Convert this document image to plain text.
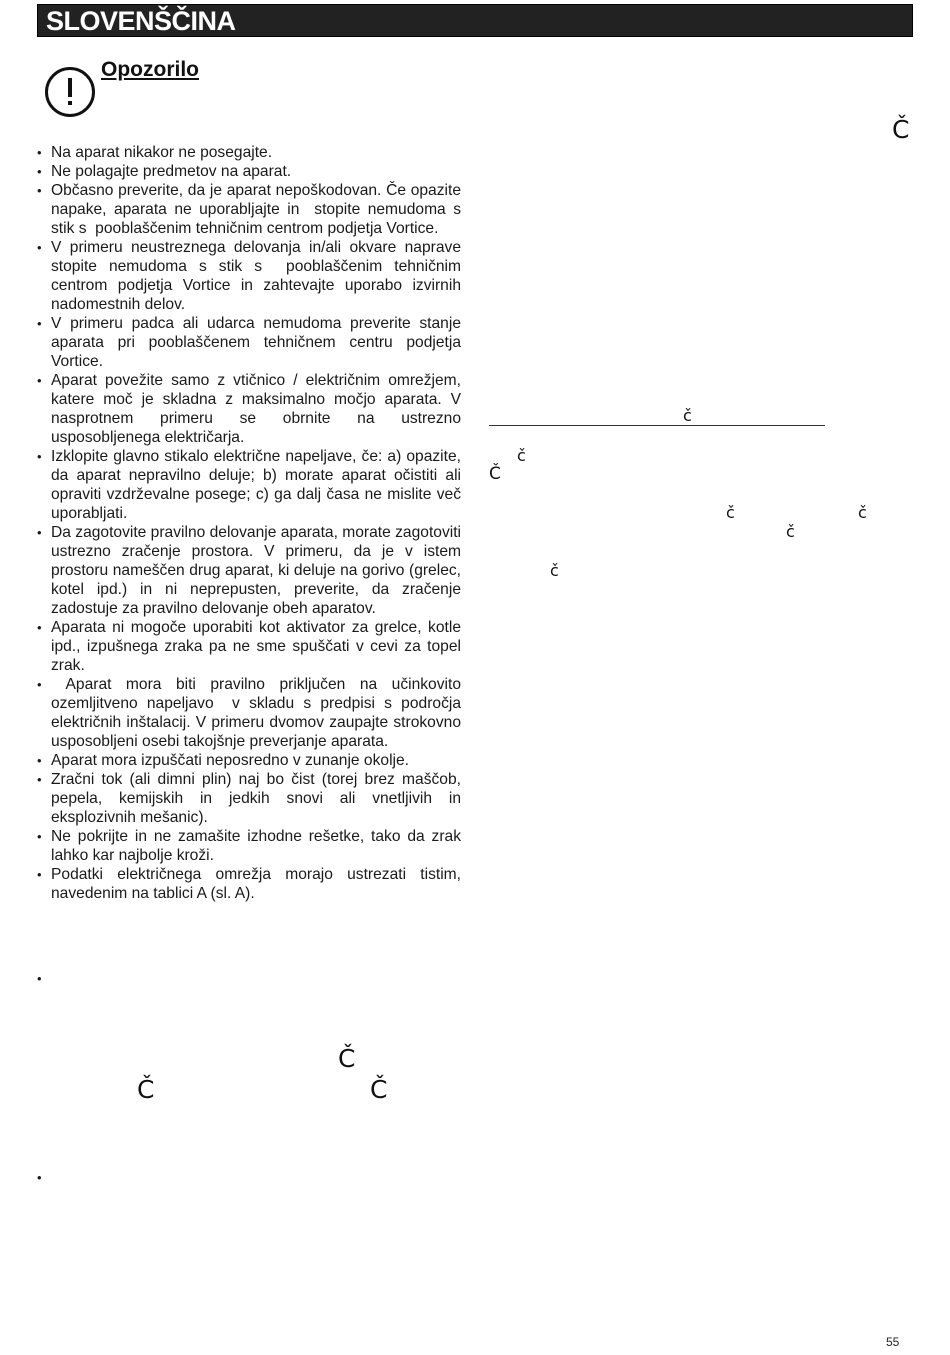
SLOVENŠČINA
Opozorilo
• Na aparat nikakor ne posegajte.
• Ne polagajte predmetov na aparat.
• Občasno preverite, da je aparat nepoškodovan. Če opazite napake, aparata ne uporabljajte in  stopite nemudoma s stik s  pooblaščenim tehničnim centrom podjetja Vortice.
• V primeru neustreznega delovanja in/ali okvare naprave  stopite nemudoma s stik s  pooblaščenim tehničnim centrom podjetja Vortice in zahtevajte uporabo izvirnih nadomestnih delov.
• V primeru padca ali udarca nemudoma preverite stanje aparata pri pooblaščenem tehničnem centru podjetja Vortice.
• Aparat povežite samo z vtičnico / električnim omrežjem, katere moč je skladna z maksimalno močjo aparata. V nasprotnem primeru se obrnite na ustrezno usposobljenega električarja.
• Izklopite glavno stikalo električne napeljave, če: a) opazite, da aparat nepravilno deluje; b) morate aparat očistiti ali opraviti vzdrževalne posege; c) ga dalj časa ne mislite več uporabljati.
• Da zagotovite pravilno delovanje aparata, morate zagotoviti ustrezno zračenje prostora. V primeru, da je v istem prostoru nameščen drug aparat, ki deluje na gorivo (grelec, kotel ipd.) in ni neprepusten, preverite, da zračenje zadostuje za pravilno delovanje obeh aparatov.
• Aparata ni mogoče uporabiti kot aktivator za grelce, kotle ipd., izpušnega zraka pa ne sme spuščati v cevi za topel zrak.
•  Aparat mora biti pravilno priključen na učinkovito ozemljitveno napeljavo  v skladu s predpisi s področja električnih inštalacij. V primeru dvomov zaupajte strokovno usposobljeni osebi takojšnje preverjanje aparata.
• Aparat mora izpuščati neposredno v zunanje okolje.
• Zračni tok (ali dimni plin) naj bo čist (torej brez maščob, pepela, kemijskih in jedkih snovi ali vnetljivih in eksplozivnih mešanic).
• Ne pokrijte in ne zamašite izhodne rešetke, tako da zrak lahko kar najbolje kroži.
• Podatki električnega omrežja morajo ustrezati tistim, navedenim na tablici A (sl. A).
•
•
Č
č
č
Č
č	č
č
č
Č
Č	Č
55
